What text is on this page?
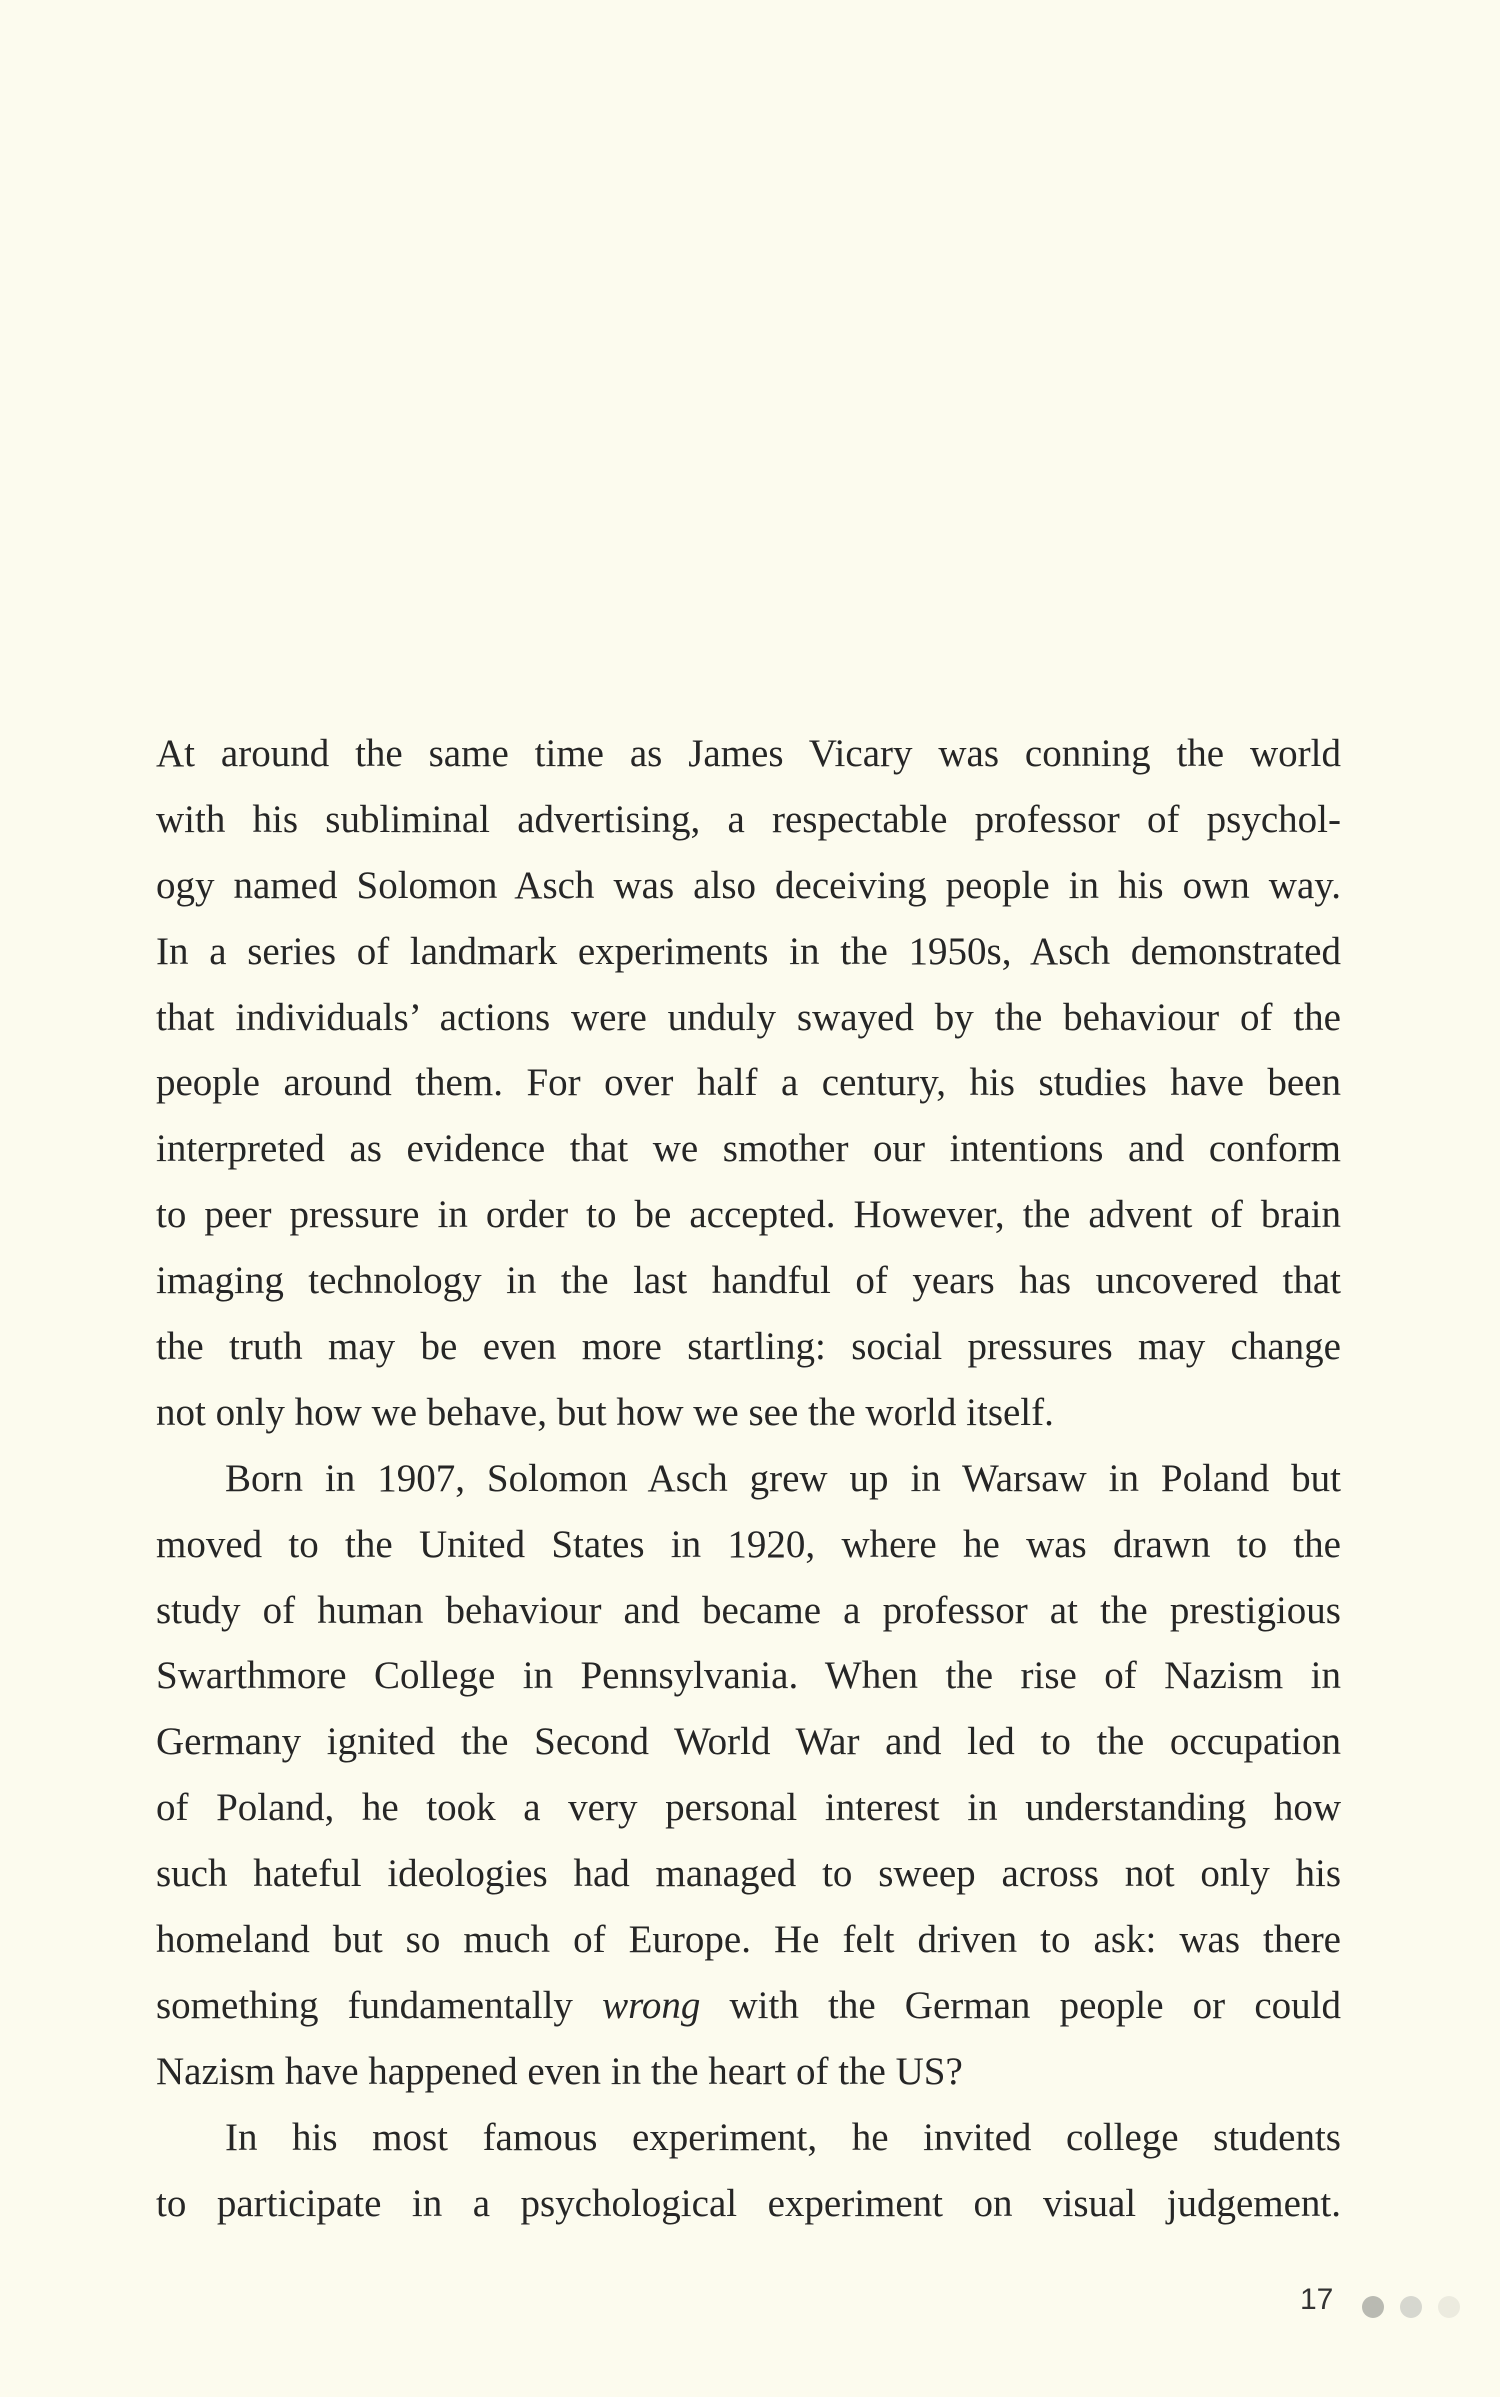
At around the same time as James Vicary was conning the world
with his subliminal advertising, a respectable professor of psychol-
ogy named Solomon Asch was also deceiving people in his own way.
In a series of landmark experiments in the 1950s, Asch demonstrated
that individuals’ actions were unduly swayed by the behaviour of the
people around them. For over half a century, his studies have been
interpreted as evidence that we smother our intentions and conform
to peer pressure in order to be accepted. However, the advent of brain
imaging technology in the last handful of years has uncovered that
the truth may be even more startling: social pressures may change
not only how we behave, but how we see the world itself.
Born in 1907, Solomon Asch grew up in Warsaw in Poland but
moved to the United States in 1920, where he was drawn to the
study of human behaviour and became a professor at the prestigious
Swarthmore College in Pennsylvania. When the rise of Nazism in
Germany ignited the Second World War and led to the occupation
of Poland, he took a very personal interest in understanding how
such hateful ideologies had managed to sweep across not only his
homeland but so much of Europe. He felt driven to ask: was there
something fundamentally wrong with the German people or could
Nazism have happened even in the heart of the US?
In his most famous experiment, he invited college students
to participate in a psychological experiment on visual judgement.
17
